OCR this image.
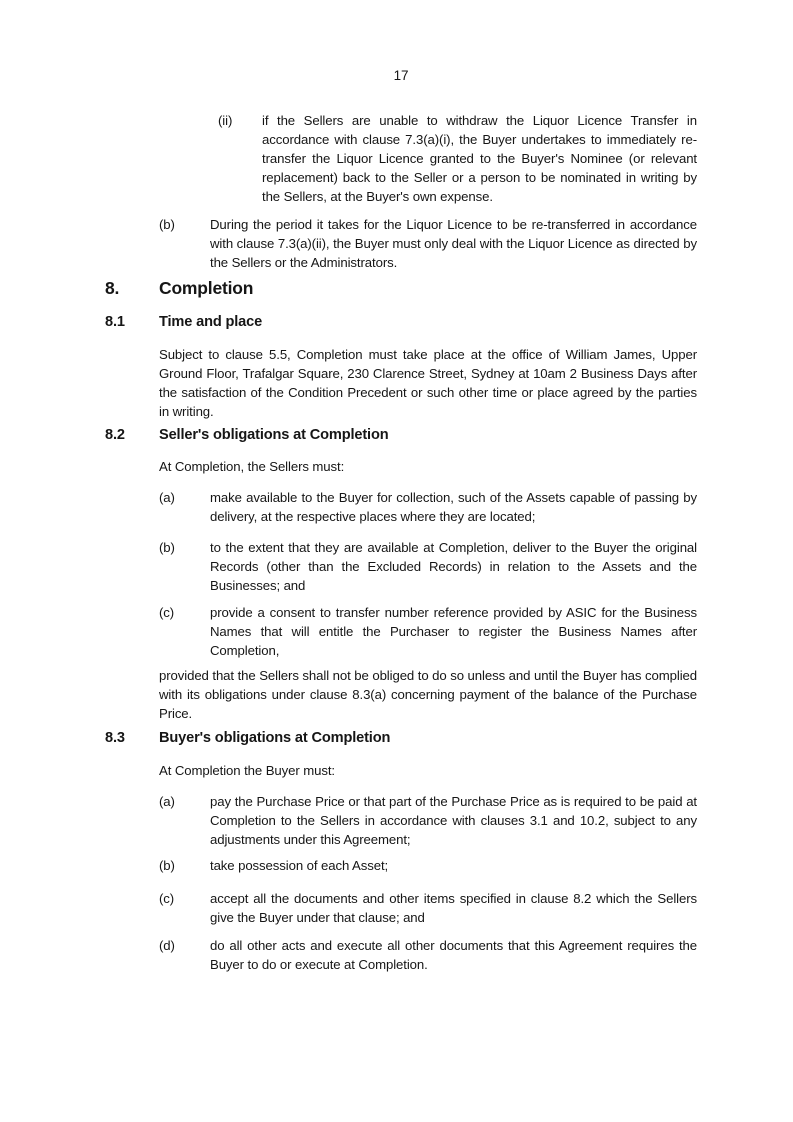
17
(ii)	if the Sellers are unable to withdraw the Liquor Licence Transfer in accordance with clause 7.3(a)(i), the Buyer undertakes to immediately re-transfer the Liquor Licence granted to the Buyer's Nominee (or relevant replacement) back to the Seller or a person to be nominated in writing by the Sellers, at the Buyer's own expense.
(b)	During the period it takes for the Liquor Licence to be re-transferred in accordance with clause 7.3(a)(ii), the Buyer must only deal with the Liquor Licence as directed by the Sellers or the Administrators.
8.	Completion
8.1	Time and place
Subject to clause 5.5, Completion must take place at the office of William James, Upper Ground Floor, Trafalgar Square, 230 Clarence Street, Sydney at 10am 2 Business Days after the satisfaction of the Condition Precedent or such other time or place agreed by the parties in writing.
8.2	Seller's obligations at Completion
At Completion, the Sellers must:
(a)	make available to the Buyer for collection, such of the Assets capable of passing by delivery, at the respective places where they are located;
(b)	to the extent that they are available at Completion, deliver to the Buyer the original Records (other than the Excluded Records) in relation to the Assets and the Businesses; and
(c)	provide a consent to transfer number reference provided by ASIC for the Business Names that will entitle the Purchaser to register the Business Names after Completion,
provided that the Sellers shall not be obliged to do so unless and until the Buyer has complied with its obligations under clause 8.3(a) concerning payment of the balance of the Purchase Price.
8.3	Buyer's obligations at Completion
At Completion the Buyer must:
(a)	pay the Purchase Price or that part of the Purchase Price as is required to be paid at Completion to the Sellers in accordance with clauses 3.1 and 10.2, subject to any adjustments under this Agreement;
(b)	take possession of each Asset;
(c)	accept all the documents and other items specified in clause 8.2 which the Sellers give the Buyer under that clause; and
(d)	do all other acts and execute all other documents that this Agreement requires the Buyer to do or execute at Completion.
